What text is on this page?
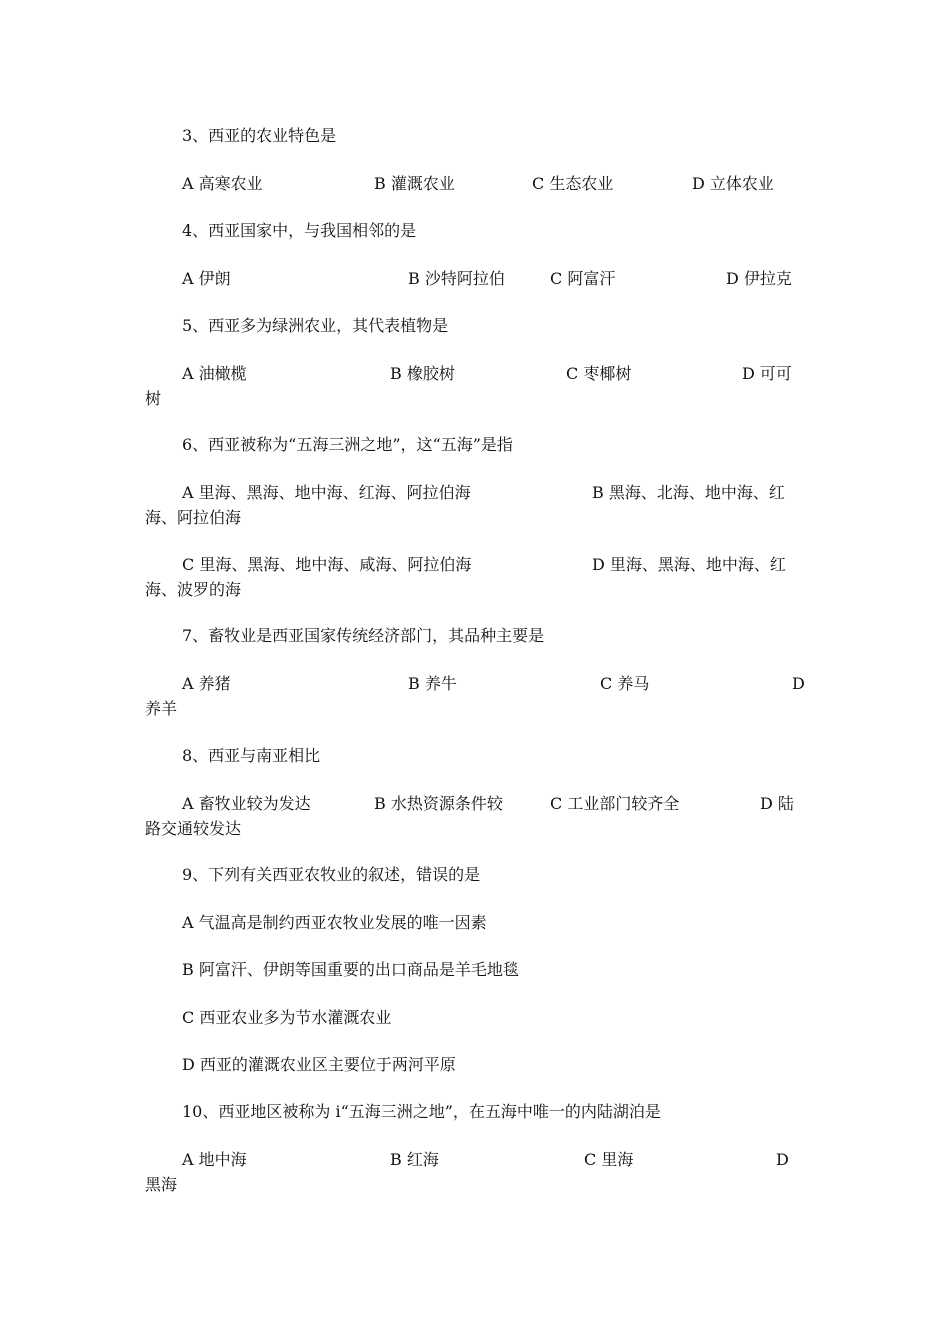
3、西亚的农业特色是
A 高寒农业	B 灌溉农业	C 生态农业	D 立体农业
4、西亚国家中，与我国相邻的是
A 伊朗	B 沙特阿拉伯	C 阿富汗	D 伊拉克
5、西亚多为绿洲农业，其代表植物是
A 油橄榄	B 橡胶树	C 枣椰树	D 可可
树
6、西亚被称为“五海三洲之地”，这“五海”是指
A 里海、黑海、地中海、红海、阿拉伯海	B 黑海、北海、地中海、红
海、阿拉伯海
C 里海、黑海、地中海、咸海、阿拉伯海	D 里海、黑海、地中海、红
海、波罗的海
7、畜牧业是西亚国家传统经济部门，其品种主要是
A 养猪	B 养牛	C 养马	D
养羊
8、西亚与南亚相比
A 畜牧业较为发达	B 水热资源条件较	C 工业部门较齐全	D 陆
路交通较发达
9、下列有关西亚农牧业的叙述，错误的是
A 气温高是制约西亚农牧业发展的唯一因素
B 阿富汗、伊朗等国重要的出口商品是羊毛地毯
C 西亚农业多为节水灌溉农业
D 西亚的灌溉农业区主要位于两河平原
10、西亚地区被称为 i“五海三洲之地”，在五海中唯一的内陆湖泊是
A 地中海	B 红海	C 里海	D
黑海
